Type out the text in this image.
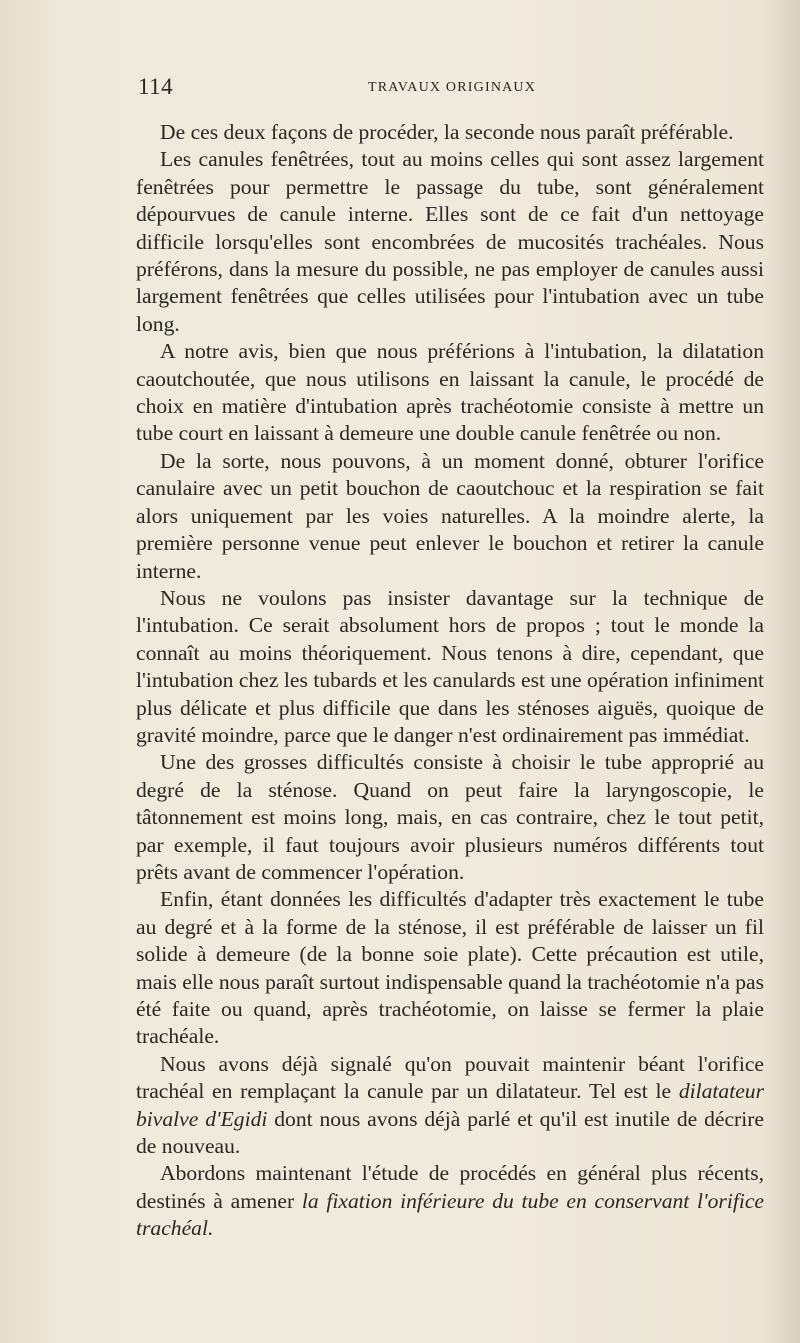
114	TRAVAUX ORIGINAUX

De ces deux façons de procéder, la seconde nous paraît préférable.

Les canules fenêtrées, tout au moins celles qui sont assez largement fenêtrées pour permettre le passage du tube, sont généralement dépourvues de canule interne. Elles sont de ce fait d'un nettoyage difficile lorsqu'elles sont encombrées de mucosités trachéales. Nous préférons, dans la mesure du possible, ne pas employer de canules aussi largement fenêtrées que celles utilisées pour l'intubation avec un tube long.

A notre avis, bien que nous préférions à l'intubation, la dilatation caoutchoutée, que nous utilisons en laissant la canule, le procédé de choix en matière d'intubation après trachéotomie consiste à mettre un tube court en laissant à demeure une double canule fenêtrée ou non.

De la sorte, nous pouvons, à un moment donné, obturer l'orifice canulaire avec un petit bouchon de caoutchouc et la respiration se fait alors uniquement par les voies naturelles. A la moindre alerte, la première personne venue peut enlever le bouchon et retirer la canule interne.

Nous ne voulons pas insister davantage sur la technique de l'intubation. Ce serait absolument hors de propos ; tout le monde la connaît au moins théoriquement. Nous tenons à dire, cependant, que l'intubation chez les tubards et les canulards est une opération infiniment plus délicate et plus difficile que dans les sténoses aiguës, quoique de gravité moindre, parce que le danger n'est ordinairement pas immédiat.

Une des grosses difficultés consiste à choisir le tube approprié au degré de la sténose. Quand on peut faire la laryngoscopie, le tâtonnement est moins long, mais, en cas contraire, chez le tout petit, par exemple, il faut toujours avoir plusieurs numéros différents tout prêts avant de commencer l'opération.

Enfin, étant données les difficultés d'adapter très exactement le tube au degré et à la forme de la sténose, il est préférable de laisser un fil solide à demeure (de la bonne soie plate). Cette précaution est utile, mais elle nous paraît surtout indispensable quand la trachéotomie n'a pas été faite ou quand, après trachéotomie, on laisse se fermer la plaie trachéale.

Nous avons déjà signalé qu'on pouvait maintenir béant l'orifice trachéal en remplaçant la canule par un dilatateur. Tel est le dilatateur bivalve d'Egidi dont nous avons déjà parlé et qu'il est inutile de décrire de nouveau.

Abordons maintenant l'étude de procédés en général plus récents, destinés à amener la fixation inférieure du tube en conservant l'orifice trachéal.
